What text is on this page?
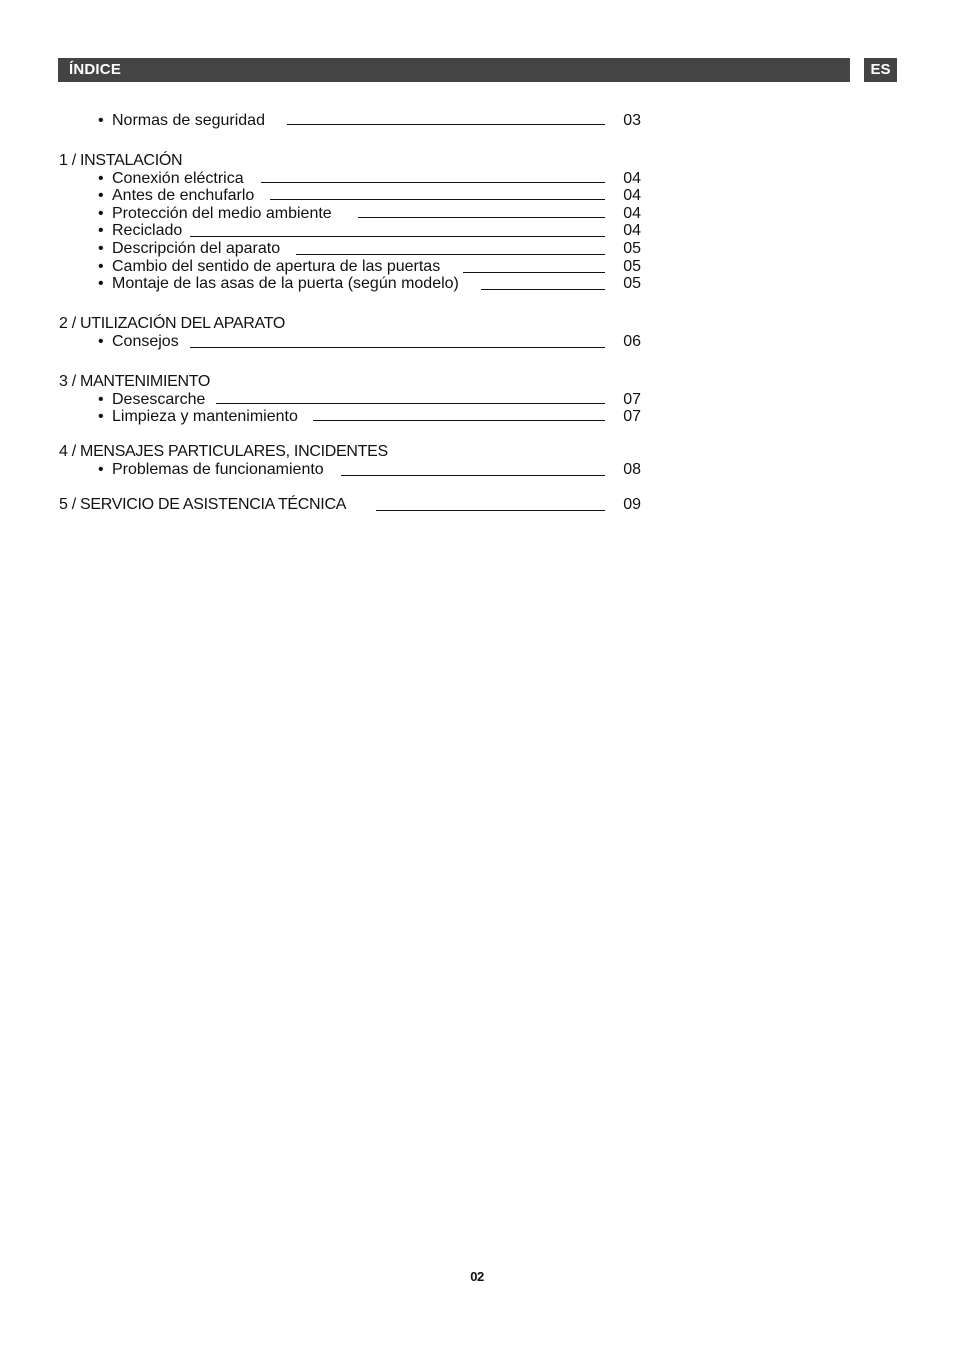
ÍNDICE	ES
• Normas de seguridad	03
1 / INSTALACIÓN
• Conexión eléctrica	04
• Antes de enchufarlo	04
• Protección del medio ambiente	04
• Reciclado	04
• Descripción del aparato	05
• Cambio del sentido de apertura de las puertas	05
• Montaje de las asas de la puerta (según modelo)	05
2 / UTILIZACIÓN DEL APARATO
• Consejos	06
3 / MANTENIMIENTO
• Desescarche	07
• Limpieza y mantenimiento	07
4 / MENSAJES PARTICULARES, INCIDENTES
• Problemas de funcionamiento	08
5 / SERVICIO DE ASISTENCIA TÉCNICA	09
02
